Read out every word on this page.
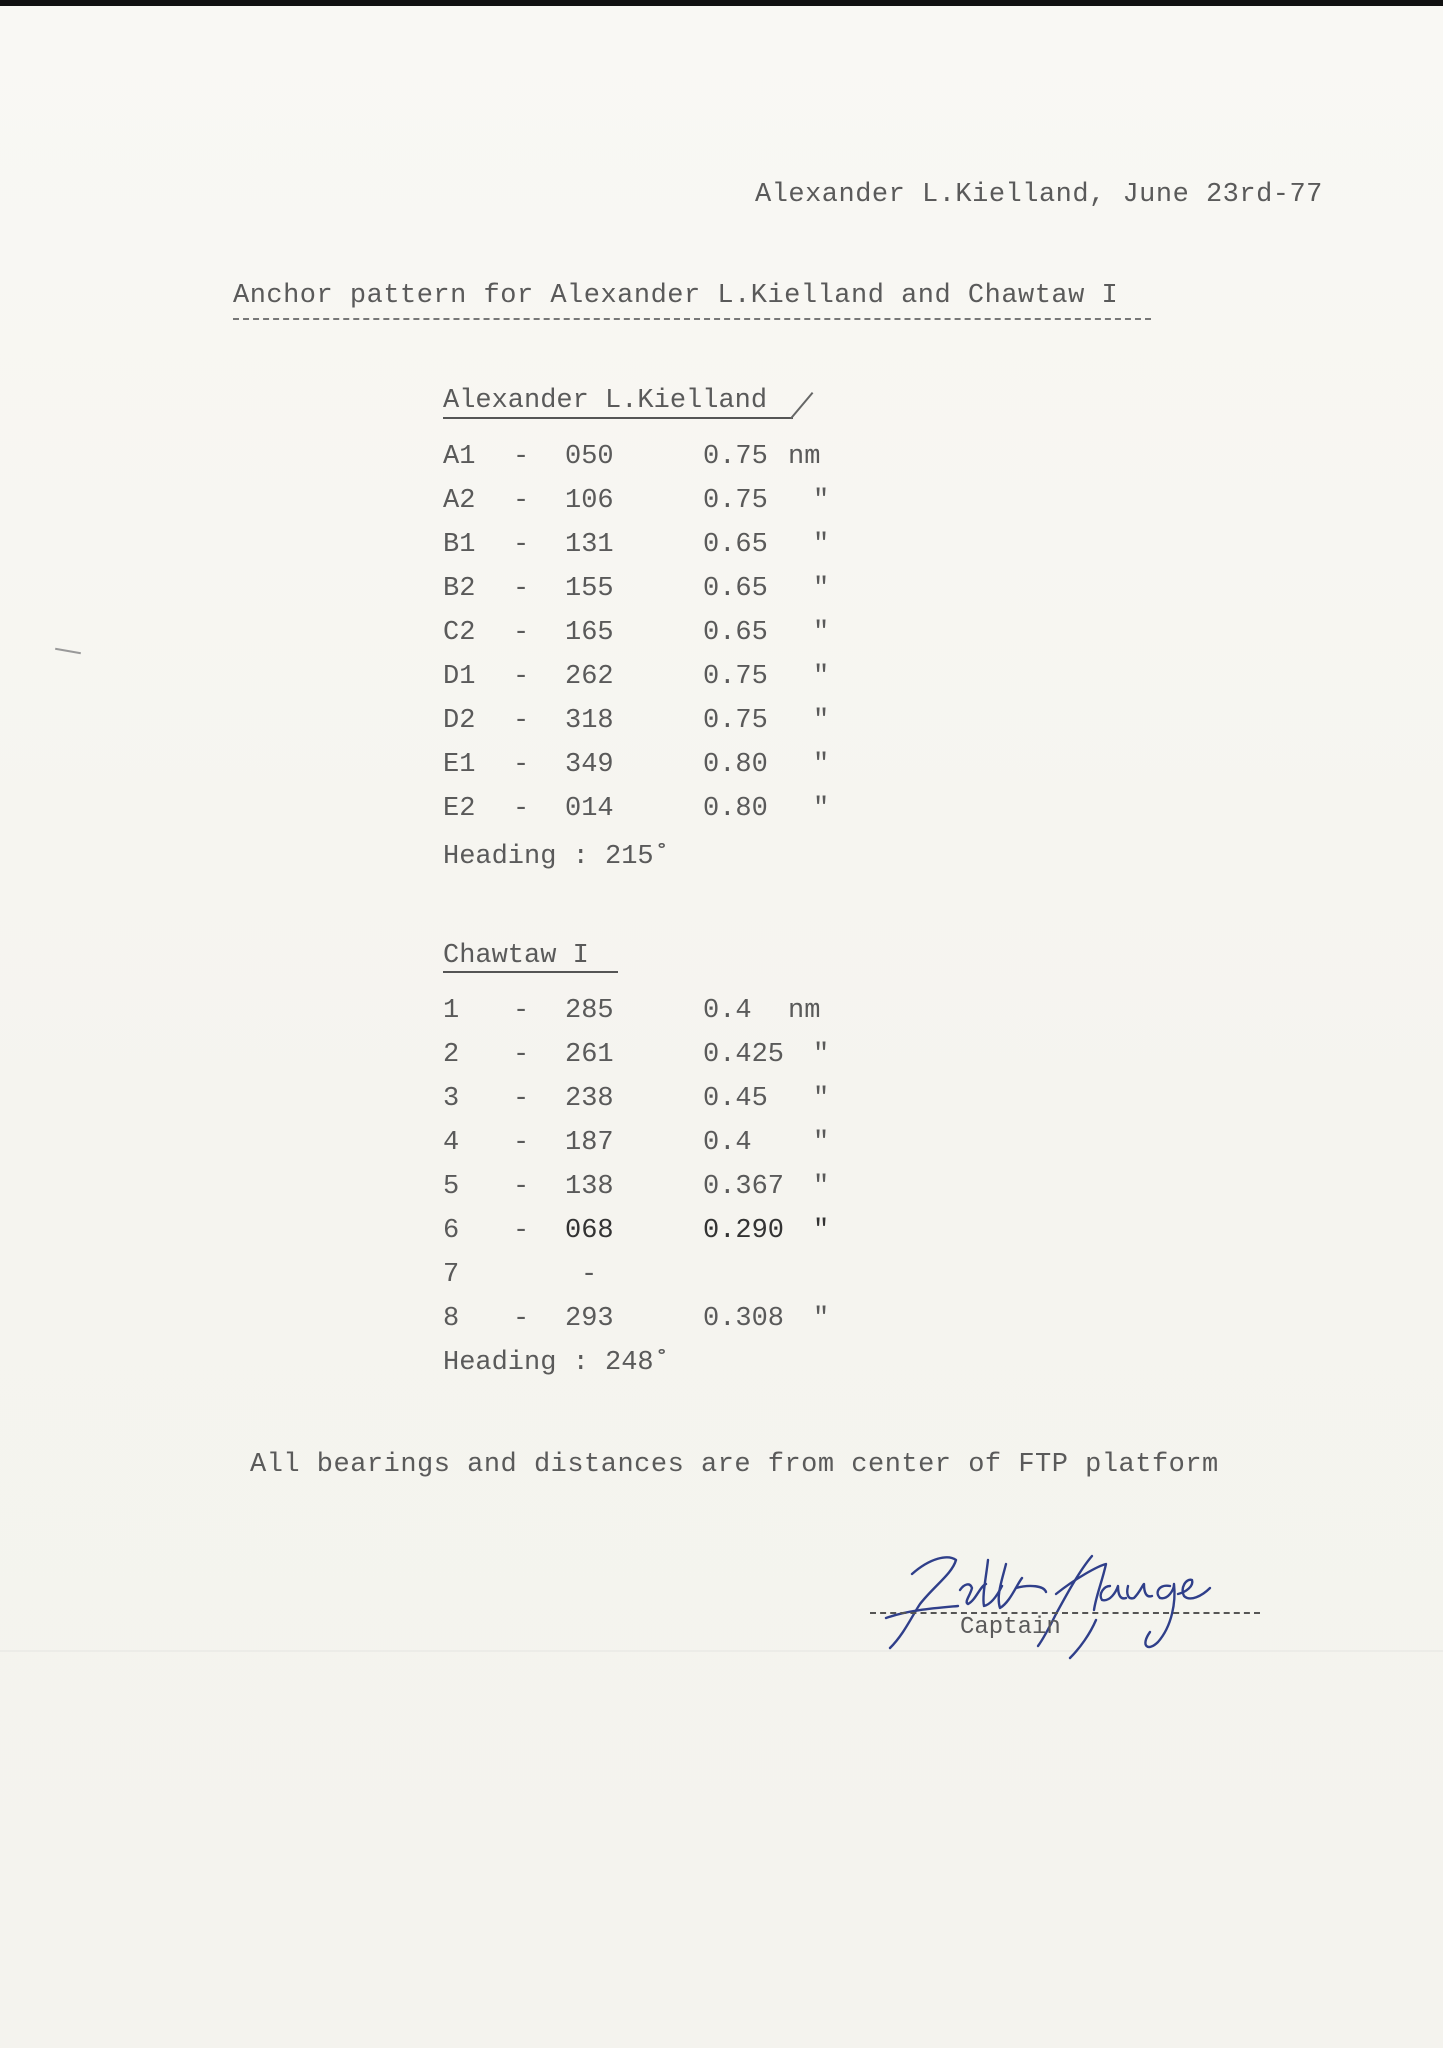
Alexander L.Kielland, June 23rd-77
Anchor pattern for Alexander L.Kielland and Chawtaw I
Alexander L.Kielland
A1 - 050	0.75 nm
A2 - 106	0.75 "
B1 - 131	0.65 "
B2 - 155	0.65 "
C2 - 165	0.65 "
D1 - 262	0.75 "
D2 - 318	0.75 "
E1 - 349	0.80 "
E2 - 014	0.80 "
Heading : 215˚
Chawtaw I
1 - 285	0.4 nm
2 - 261	0.425 "
3 - 238	0.45 "
4 - 187	0.4 "
5 - 138	0.367 "
6 - 068	0.290 "
7	-
8 - 293	0.308 "
Heading : 248˚
All bearings and distances are from center of FTP platform
Captain
